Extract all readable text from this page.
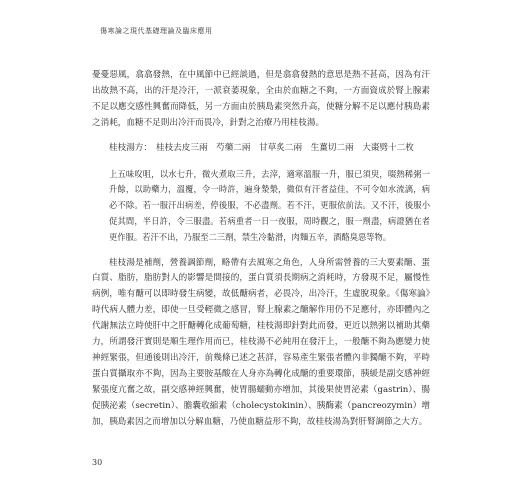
傷寒論之現代基礎理論及臨床應用

憂憂惡風，翕翕發熱，在中風節中已經談過，但是翕翕發熱的意思是熱不甚高，因為有汗出故熱不高，出的汗是冷汗，一派衰萎現象，全由於血糖之不夠，一方面資成於腎上腺素不足以應交感性興奮而降低，另一方面由於胰島素突然升高，使糖分解不足以應付胰島素之消耗，血糖不足則出冷汗而畏冷，針對之治療乃用桂枝湯。

桂枝湯方： 桂枝去皮三兩　芍藥二兩　甘草炙二兩　生薑切二兩　大棗劈十二枚

上五味㕮咀，以水七升，微火煮取三升，去滓，適寒溫服一升，服已須臾，啜熱稀粥一升餘，以助藥力，溫覆，令一時許，遍身漐漐，微似有汗者益佳，不可令如水流漓，病必不除。若一服汗出病差，停後服，不必盡劑。若不汗，更服依前法。又不汗，後服小促其間，半日許，令三服盡。若病重者一日一夜服，周時觀之，服一劑盡，病證猶在者更作服。若汗不出，乃服至二三劑，禁生冷黏滑，肉麵五辛，酒酪臭惡等物。

桂枝湯是補劑，營養調節劑，略帶有去風寒之角色，人身所需營養的三大要素醣、蛋白質、脂肪，脂肪對人的影響是間接的，蛋白質須長期病之消耗時，方發現不足，屬慢性病例，唯有醣可以即時發生病變，故低醣病者，必畏冷，出冷汗，生虛脫現象。《傷寒論》時代病人體力差，即使一旦受輕微之感冒，腎上腺素之醣解作用仍不足應付，亦即體內之代謝無法立時使肝中之肝醣轉化成葡萄糖，桂枝湯即針對此而發，更近以熱粥以補助其藥力，所謂發汗實則是順生理作用而已，桂枝湯不必純用在發汗上，一般醣不夠為應變力使神經緊張，但通後則出冷汗，前幾條已述之甚詳，容易產生緊張者體內非獨醣不夠，平時蛋白質攝取亦不夠，因為主要胺基酸在人身亦為轉化成醣的重要環節，胰緩是副交感神經緊張度亢奮之故，副交感神經興奮，使胃腸蠕動亦增加，其後果使胃泌素（gastrin）、腸促胰泌素（secretin）、膽囊收縮素（cholecystokinin）、胰酶素（pancreozymin）增加，胰島素因之而增加以分解血糖，乃使血糖益形不夠，故桂枝湯為對肝腎調節之大方。

30
